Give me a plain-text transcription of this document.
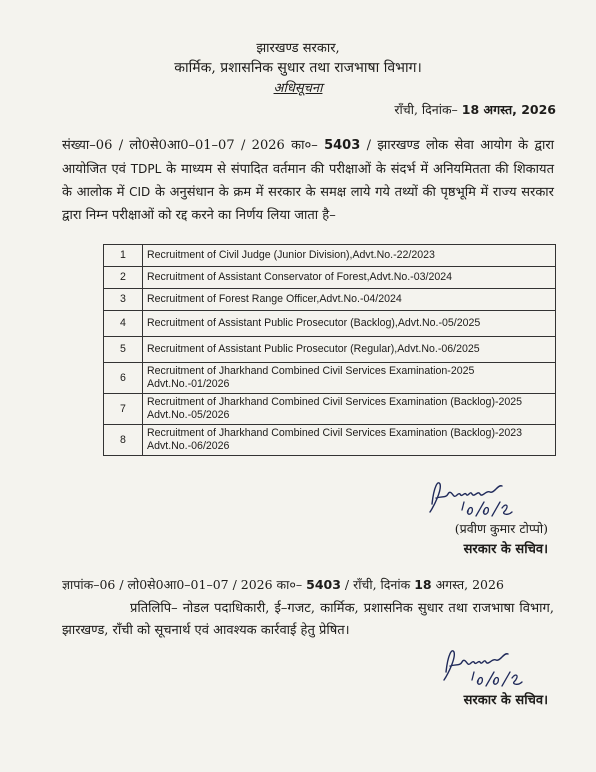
झारखण्ड सरकार,
कार्मिक, प्रशासनिक सुधार तथा राजभाषा विभाग।
अधिसूचना
राँची, दिनांक– 18 अगस्त, 2026
संख्या–06 / लो0से0आ0–01–07 / 2026 का०– 5403 / झारखण्ड लोक सेवा आयोग के द्वारा आयोजित एवं TDPL के माध्यम से संपादित वर्तमान की परीक्षाओं के संदर्भ में अनियमितता की शिकायत के आलोक में CID के अनुसंधान के क्रम में सरकार के समक्ष लाये गये तथ्यों की पृष्ठभूमि में राज्य सरकार द्वारा निम्न परीक्षाओं को रद्द करने का निर्णय लिया जाता है–
1	Recruitment of Civil Judge (Junior Division),Advt.No.-22/2023
2	Recruitment of Assistant Conservator of Forest,Advt.No.-03/2024
3	Recruitment of Forest Range Officer,Advt.No.-04/2024
4	Recruitment of Assistant Public Prosecutor (Backlog),Advt.No.-05/2025
5	Recruitment of Assistant Public Prosecutor (Regular),Advt.No.-06/2025
6	Recruitment of Jharkhand Combined Civil Services Examination-2025 Advt.No.-01/2026
7	Recruitment of Jharkhand Combined Civil Services Examination (Backlog)-2025 Advt.No.-05/2026
8	Recruitment of Jharkhand Combined Civil Services Examination (Backlog)-2023 Advt.No.-06/2026
(प्रवीण कुमार टोप्पो)
सरकार के सचिव।
ज्ञापांक–06 / लो0से0आ0–01–07 / 2026 का०– 5403 / राँची, दिनांक 18 अगस्त, 2026
प्रतिलिपि– नोडल पदाधिकारी, ई–गजट, कार्मिक, प्रशासनिक सुधार तथा राजभाषा विभाग, झारखण्ड, राँची को सूचनार्थ एवं आवश्यक कार्रवाई हेतु प्रेषित।
सरकार के सचिव।
